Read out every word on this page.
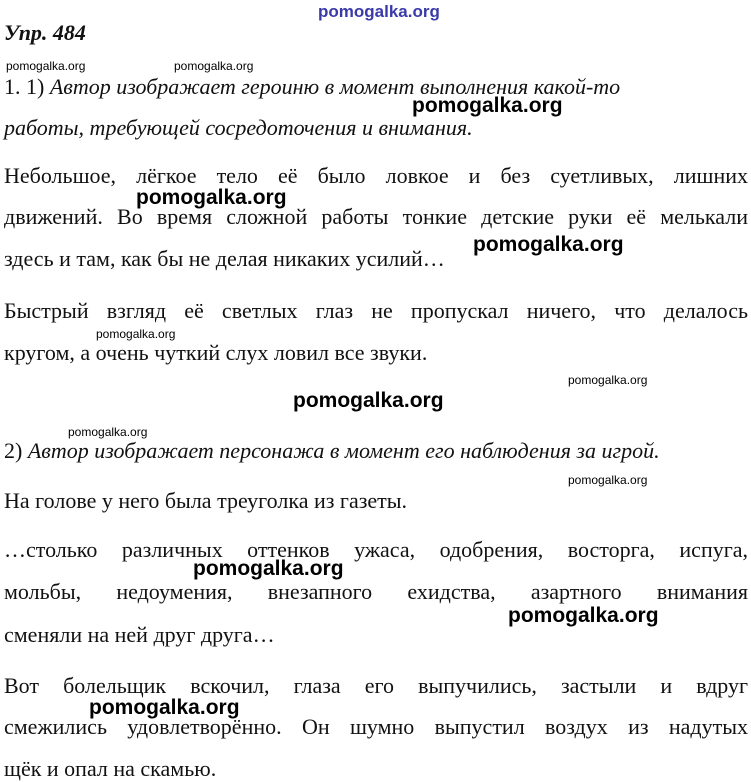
Упр. 484
1. 1) Автор изображает героиню в момент выполнения какой-то
работы, требующей сосредоточения и внимания.
Небольшое, лёгкое тело её было ловкое и без суетливых, лишних
движений. Во время сложной работы тонкие детские руки её мелькали
здесь и там, как бы не делая никаких усилий…
Быстрый взгляд её светлых глаз не пропускал ничего, что делалось
кругом, а очень чуткий слух ловил все звуки.
2) Автор изображает персонажа в момент его наблюдения за игрой.
На голове у него была треуголка из газеты.
…столько различных оттенков ужаса, одобрения, восторга, испуга,
мольбы, недоумения, внезапного ехидства, азартного внимания
сменяли на ней друг друга…
Вот болельщик вскочил, глаза его выпучились, застыли и вдруг
смежились удовлетворённо. Он шумно выпустил воздух из надутых
щёк и опал на скамью.
pomogalka.org
pomogalka.org	pomogalka.org
pomogalka.org
pomogalka.org
pomogalka.org
pomogalka.org
pomogalka.org
pomogalka.org
pomogalka.org
pomogalka.org
pomogalka.org
pomogalka.org
pomogalka.org
